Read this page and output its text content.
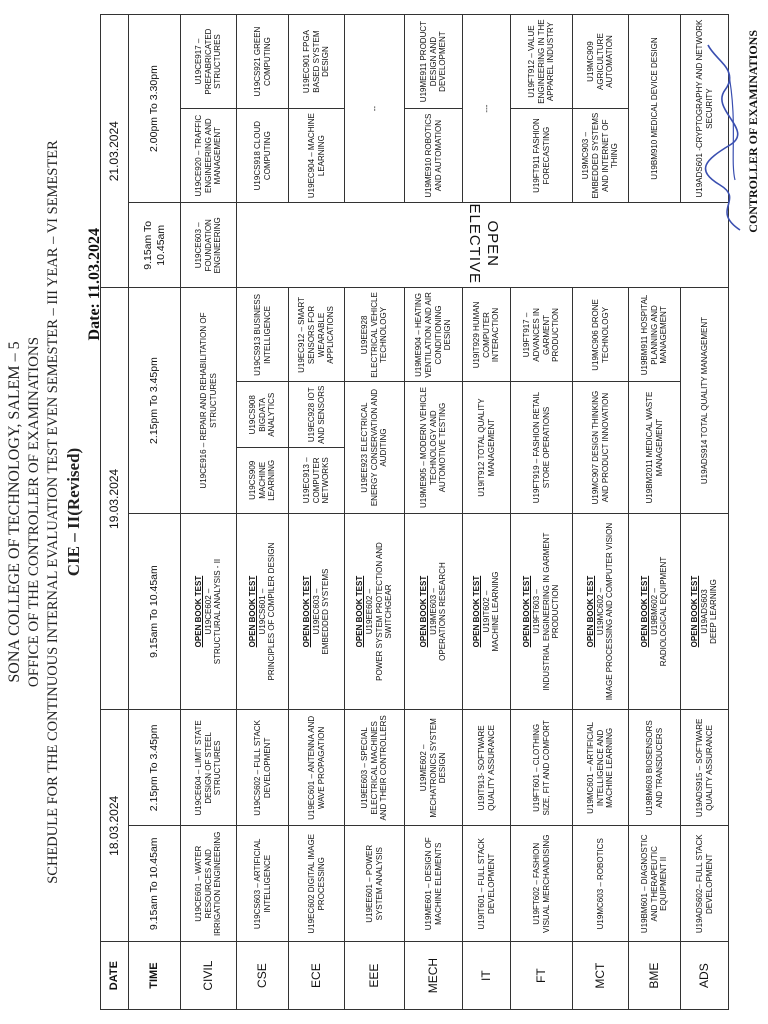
SONA COLLEGE OF TECHNOLOGY, SALEM – 5 OFFICE OF THE CONTROLLER OF EXAMINATIONS SCHEDULE FOR THE CONTINUOUS INTERNAL EVALUATION TEST EVEN SEMESTER – III YEAR – VI SEMESTER CIE – II(Revised)
Date: 11.03.2024
DATE	18.03.2024		19.03.2024				21.03.2024		
TIME	9.15am To 10.45am	2.15pm To 3.45pm	9.15am To 10.45am	2.15pm To 3.45pm			9.15am To 10.45am	2.00pm To 3.30pm	
CIVIL	U19CE601 – WATER RESOURCES AND IRRIGATION ENGINEERING	U19CE604 – LIMIT STATE DESIGN OF STEEL STRUCTURES	OPEN BOOK TEST U19CE602 – STRUCTURAL ANALYSIS - II	U19CE916 – REPAIR AND REHABILITATION OF STRUCTURES			U19CE603 – FOUNDATION ENGINEERING	U19CE920 – TRAFFIC ENGINEERING AND MANAGEMENT	U19CE917 – PREFABRICATED STRUCTURES
CSE	U19CS603 – ARTIFICIAL INTELLIGENCE	U19CS602 – FULL STACK DEVELOPMENT	OPEN BOOK TEST U19CS601 – PRINCIPLES OF COMPILER DESIGN	U19CS909 MACHINE LEARNING	U19CS908 BIGDATA ANALYTICS	U19CS913 BUSINESS INTELLIGENCE	OPEN ELECTIVE	U19CS918 CLOUD COMPUTING	U19CS921 GREEN COMPUTING
ECE	U19EC602 DIGITAL IMAGE PROCESSING	U19EC601 – ANTENNA AND WAVE PROPAGATION	OPEN BOOK TEST U19EC603 – EMBEDDED SYSTEMS	U19EC913 – COMPUTER NETWORKS	U19EC928 IOT AND SENSORS	U19EC912 – SMART SENSORS FOR WEARABLE APPLICATIONS		U19EC904 – MACHINE LEARNING	U19EC901 FPGA BASED SYSTEM DESIGN
EEE	U19EE601 – POWER SYSTEM ANALYSIS	U19EE603 – SPECIAL ELECTRICAL MACHINES AND THEIR CONTROLLERS	OPEN BOOK TEST U19EE602 – POWER SYSTEM PROTECTION AND SWITCHGEAR	U19EE923 ELECTRICAL ENERGY CONSERVATION AND AUDITING		U19EE928 ELECTRICAL VEHICLE TECHNOLOGY		--	
MECH	U19ME601 – DESIGN OF MACHINE ELEMENTS	U19ME602 – MECHATRONICS SYSTEM DESIGN	OPEN BOOK TEST U19ME603 – OPERATIONS RESEARCH	U19ME905 – MODERN VEHICLE TECHNOLOGY AND AUTOMOTIVE TESTING		U19ME904 – HEATING VENTILATION AND AIR CONDITIONING DESIGN		U19ME910 ROBOTICS AND AUTOMATION	U19ME911 PRODUCT DESIGN AND DEVELOPMENT
IT	U19IT601 – FULL STACK DEVELOPMENT	U19IT913- SOFTWARE QUALITY ASSURANCE	OPEN BOOK TEST U19IT602 – MACHINE LEARNING	U19IT912 TOTAL QUALITY MANAGEMENT		U19IT929 HUMAN COMPUTER INTERACTION		---	
FT	U19FT602 – FASHION VISUAL MERCHANDISING	U19FT601 – CLOTHING SIZE, FIT AND COMFORT	OPEN BOOK TEST U19FT603 – INDUSTRIAL ENGINEERING IN GARMENT PRODUCTION	U19FT919 – FASHION RETAIL STORE OPERATIONS		U19FT917 – ADVANCES IN GARMENT PRODUCTION		U19FT911 FASHION FORECASTING	U19FT912 – VALUE ENGINEERING IN THE APPAREL INDUSTRY
MCT	U19MC603 – ROBOTICS	U19MC601 – ARTIFICIAL INTELLIGENCE AND MACHINE LEARNING	OPEN BOOK TEST U19MC602 – IMAGE PROCESSING AND COMPUTER VISION	U19MC907 DESIGN THINKING AND PRODUCT INNOVATION		U19MC906 DRONE TECHNOLOGY		U19MC903 – EMBEDDED SYSTEMS AND INTERNET OF THING	U19MC909 AGRICULTURE AUTOMATION
BME	U19BM601 – DIAGNOSTIC AND THERAPEUTIC EQUIPMENT II	U19BM603 BIOSENSORS AND TRANSDUCERS	OPEN BOOK TEST U19BM602 – RADIOLOGICAL EQUIPMENT	U19BM2011 MEDICAL WASTE MANAGEMENT		U19BM911 HOSPITAL PLANNING AND MANAGEMENT		U19BM910 MEDICAL DEVICE DESIGN	
ADS	U19ADS602– FULL STACK DEVELOPMENT	U19ADS915 – SOFTWARE QUALITY ASSURANCE	OPEN BOOK TEST U19ADS603 DEEP LEARNING	U19ADS914 TOTAL QUALITY MANAGEMENT				U19ADS601 -CRYPTOGRAPHY AND NETWORK SECURITY		CONTROLLER OF EXAMINATIONS
